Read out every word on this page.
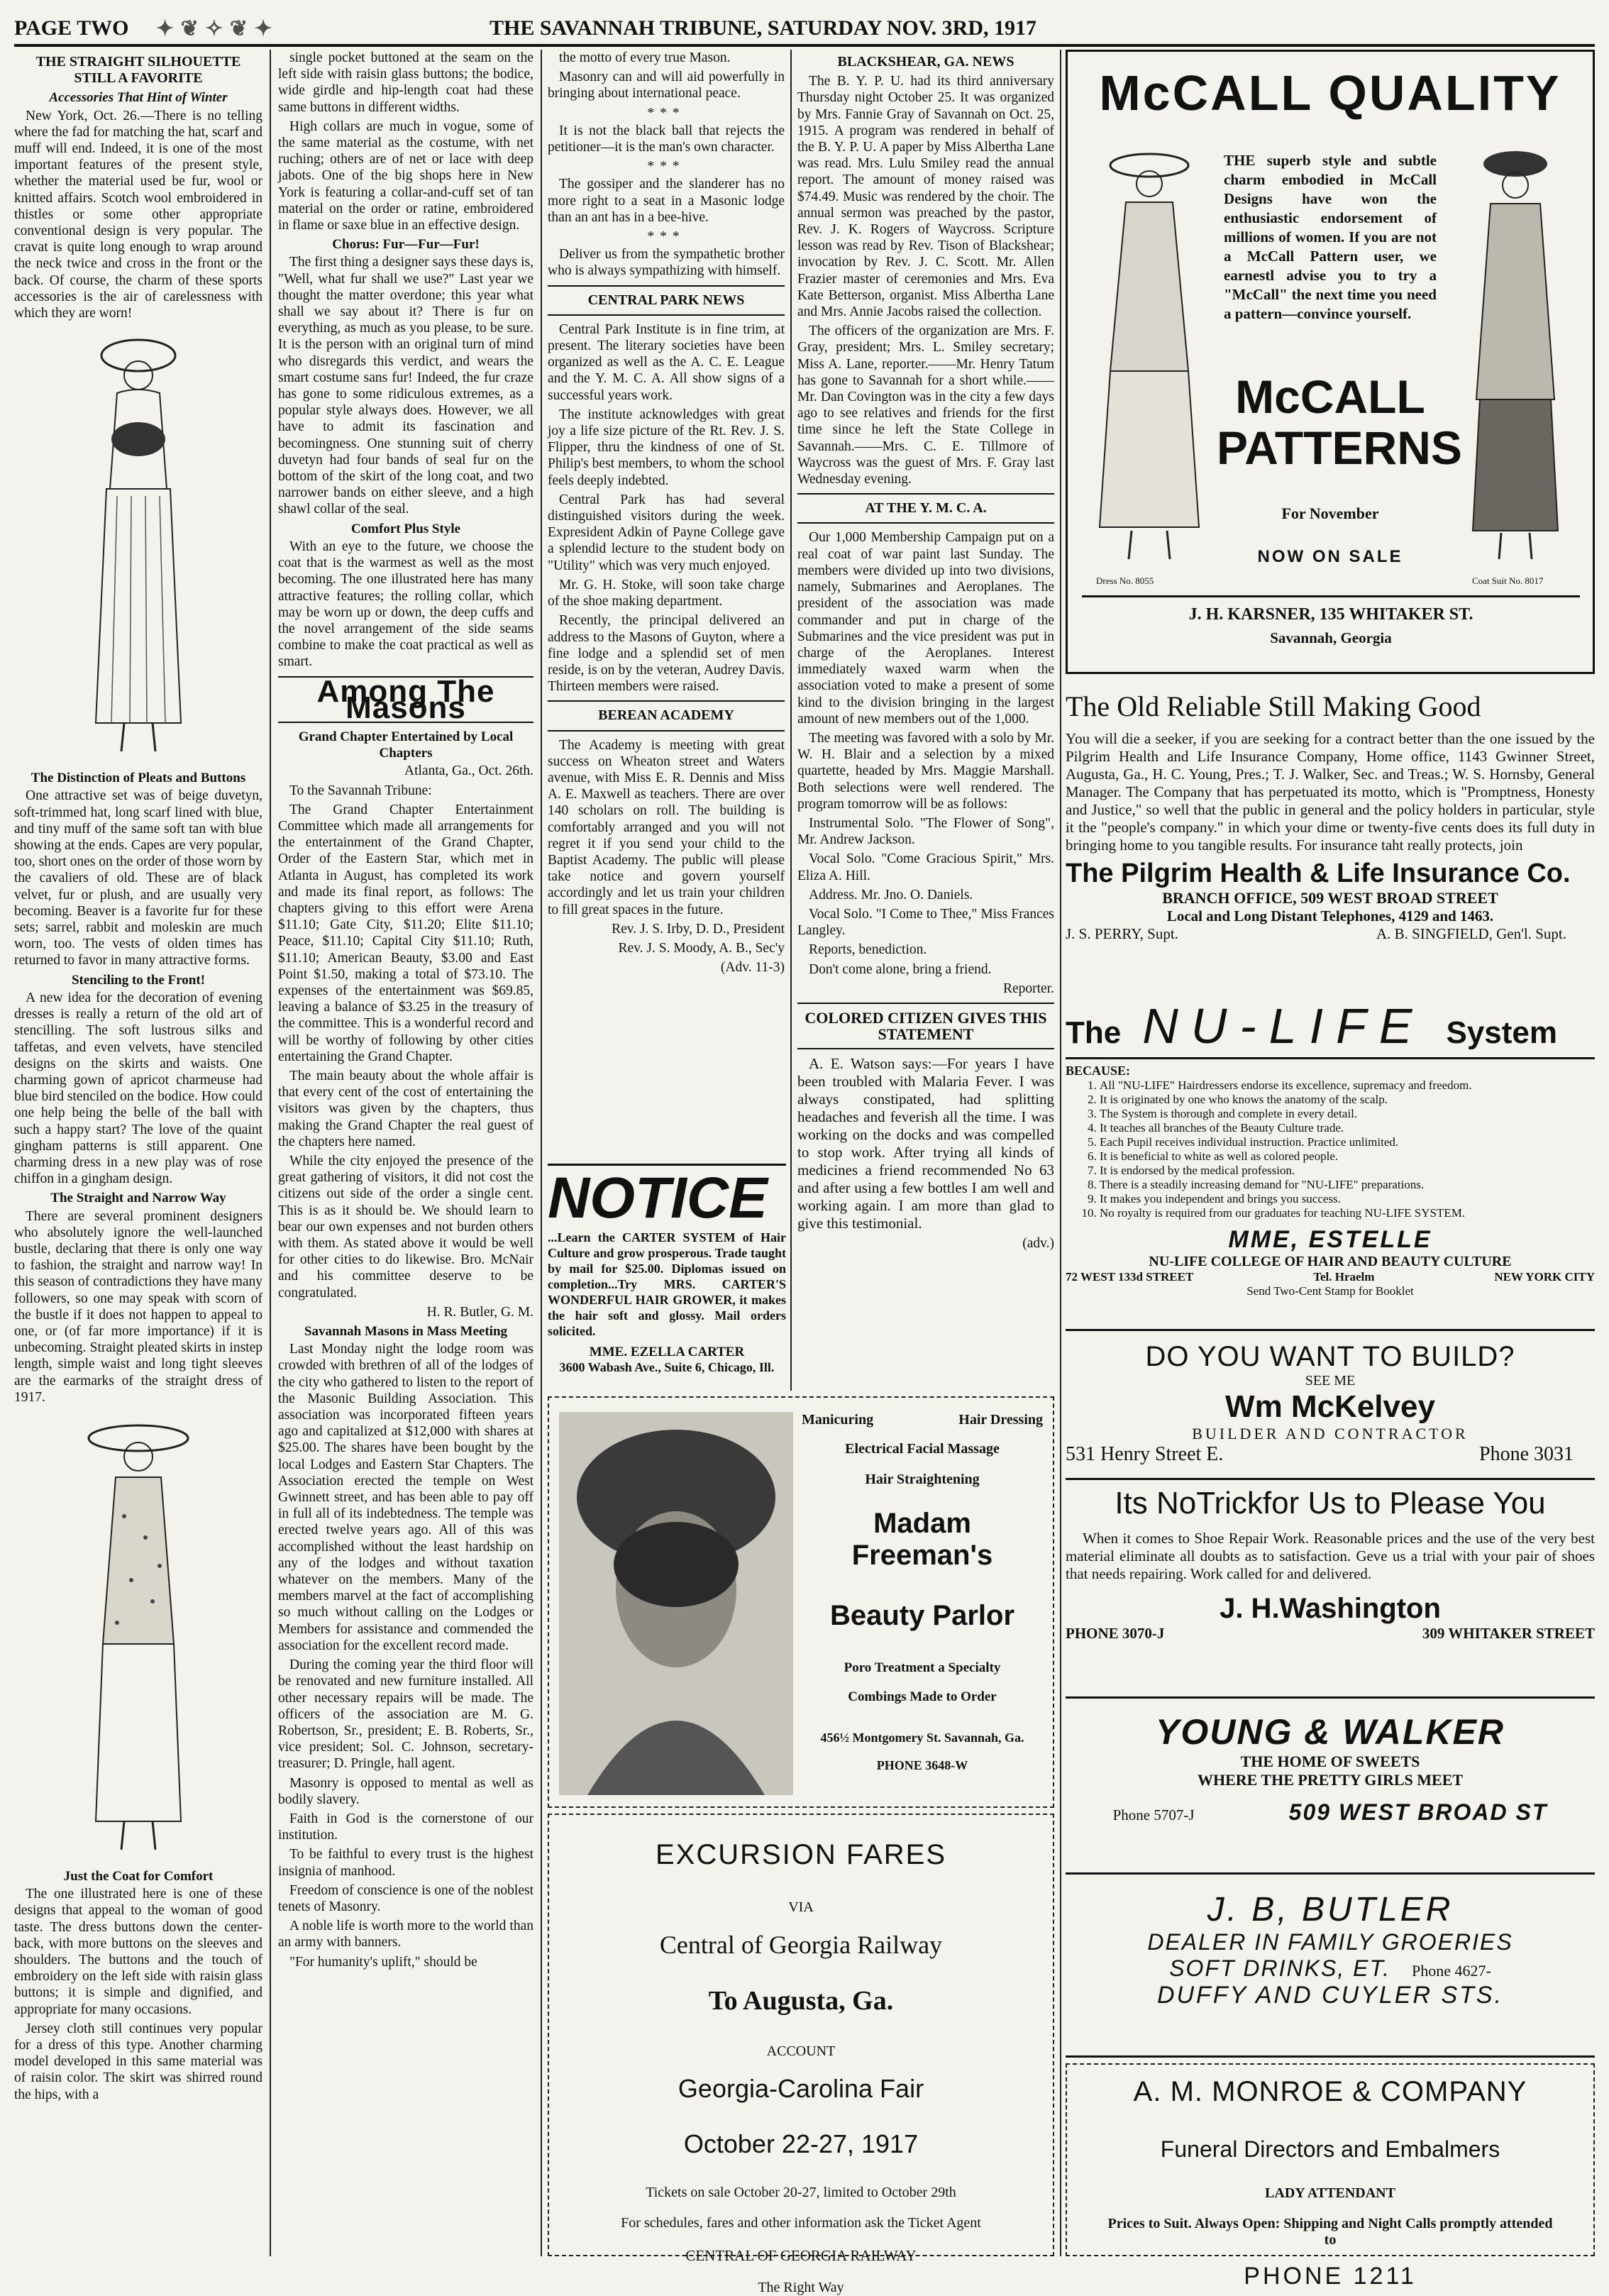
PAGE TWO	✦ ❦ ✧ ❦ ✦	THE SAVANNAH TRIBUNE, SATURDAY NOV. 3RD, 1917
THE STRAIGHT SILHOUETTE STILL A FAVORITE
Accessories That Hint of Winter

New York, Oct. 26.—There is no telling where the fad for matching the hat, scarf and muff will end. Indeed, it is one of the most important features of the present style, whether the material used be fur, wool or knitted affairs. Scotch wool embroidered in thistles or some other appropriate conventional design is very popular. The cravat is quite long enough to wrap around the neck twice and cross in the front or the back. Of course, the charm of these sports accessories is the air of carelessness with which they are worn!

The Distinction of Pleats and Buttons

One attractive set was of beige duvetyn, soft-trimmed hat, long scarf lined with blue, and tiny muff of the same soft tan with blue showing at the ends. Capes are very popular, too, short ones on the order of those worn by the cavaliers of old. These are of black velvet, fur or plush, and are usually very becoming. Beaver is a favorite fur for these sets; sarrel, rabbit and moleskin are much worn, too. The vests of olden times has returned to favor in many attractive forms.

Stenciling to the Front!

A new idea for the decoration of evening dresses is really a return of the old art of stencilling. The soft lustrous silks and taffetas, and even velvets, have stenciled designs on the skirts and waists. One charming gown of apricot charmeuse had blue bird stenciled on the bodice. How could one help being the belle of the ball with such a happy start? The love of the quaint gingham patterns is still apparent. One charming dress in a new play was of rose chiffon in a gingham design.

The Straight and Narrow Way

There are several prominent designers who absolutely ignore the well-launched bustle, declaring that there is only one way to fashion, the straight and narrow way! In this season of contradictions they have many followers, so one may speak with scorn of the bustle if it does not happen to appeal to one, or (of far more importance) if it is unbecoming. Straight pleated skirts in instep length, simple waist and long tight sleeves are the earmarks of the straight dress of 1917.

Just the Coat for Comfort

The one illustrated here is one of these designs that appeal to the woman of good taste. The dress buttons down the center-back, with more buttons on the sleeves and shoulders. The buttons and the touch of embroidery on the left side with raisin glass buttons; it is simple and dignified, and appropriate for many occasions.

Jersey cloth still continues very popular for a dress of this type. Another charming model developed in this same material was of raisin color. The skirt was shirred round the hips, with a

single pocket buttoned at the seam on the left side with raisin glass buttons; the bodice, wide girdle and hip-length coat had these same buttons in different widths.

High collars are much in vogue, some of the same material as the costume, with net ruching; others are of net or lace with deep jabots. One of the big shops here in New York is featuring a collar-and-cuff set of tan material on the order or ratine, embroidered in flame or saxe blue in an effective design.

Chorus: Fur—Fur—Fur!

The first thing a designer says these days is, "Well, what fur shall we use?" Last year we thought the matter overdone; this year what shall we say about it? There is fur on everything, as much as you please, to be sure. It is the person with an original turn of mind who disregards this verdict, and wears the smart costume sans fur! Indeed, the fur craze has gone to some ridiculous extremes, as a popular style always does. However, we all have to admit its fascination and becomingness. One stunning suit of cherry duvetyn had four bands of seal fur on the bottom of the skirt of the long coat, and two narrower bands on either sleeve, and a high shawl collar of the seal.

Comfort Plus Style

With an eye to the future, we choose the coat that is the warmest as well as the most becoming. The one illustrated here has many attractive features; the rolling collar, which may be worn up or down, the deep cuffs and the novel arrangement of the side seams combine to make the coat practical as well as smart.

Among The Masons
Grand Chapter Entertained by Local Chapters

Atlanta, Ga., Oct. 26th.

To the Savannah Tribune:

The Grand Chapter Entertainment Committee which made all arrangements for the entertainment of the Grand Chapter, Order of the Eastern Star, which met in Atlanta in August, has completed its work and made its final report, as follows: The chapters giving to this effort were Arena $11.10; Gate City, $11.20; Elite $11.10; Peace, $11.10; Capital City $11.10; Ruth, $11.10; American Beauty, $3.00 and East Point $1.50, making a total of $73.10. The expenses of the entertainment was $69.85, leaving a balance of $3.25 in the treasury of the committee. This is a wonderful record and will be worthy of following by other cities entertaining the Grand Chapter.

The main beauty about the whole affair is that every cent of the cost of entertaining the visitors was given by the chapters, thus making the Grand Chapter the real guest of the chapters here named.

While the city enjoyed the presence of the great gathering of visitors, it did not cost the citizens out side of the order a single cent. This is as it should be. We should learn to bear our own expenses and not burden others with them. As stated above it would be well for other cities to do likewise. Bro. McNair and his committee deserve to be congratulated.

H. R. Butler, G. M.

Savannah Masons in Mass Meeting

Last Monday night the lodge room was crowded with brethren of all of the lodges of the city who gathered to listen to the report of the Masonic Building Association. This association was incorporated fifteen years ago and capitalized at $12,000 with shares at $25.00. The shares have been bought by the local Lodges and Eastern Star Chapters. The Association erected the temple on West Gwinnett street, and has been able to pay off in full all of its indebtedness. The temple was erected twelve years ago. All of this was accomplished without the least hardship on any of the lodges and without taxation whatever on the members. Many of the members marvel at the fact of accomplishing so much without calling on the Lodges or Members for assistance and commended the association for the excellent record made.

During the coming year the third floor will be renovated and new furniture installed. All other necessary repairs will be made. The officers of the association are M. G. Robertson, Sr., president; E. B. Roberts, Sr., vice president; Sol. C. Johnson, secretary-treasurer; D. Pringle, hall agent.

Masonry is opposed to mental as well as bodily slavery.

Faith in God is the cornerstone of our institution.

To be faithful to every trust is the highest insignia of manhood.

Freedom of conscience is one of the noblest tenets of Masonry.

A noble life is worth more to the world than an army with banners.

"For humanity's uplift," should be

the motto of every true Mason.

Masonry can and will aid powerfully in bringing about international peace.

***

It is not the black ball that rejects the petitioner—it is the man's own character.

***

The gossiper and the slanderer has no more right to a seat in a Masonic lodge than an ant has in a bee-hive.

***

Deliver us from the sympathetic brother who is always sympathizing with himself.

CENTRAL PARK NEWS

Central Park Institute is in fine trim, at present. The literary societies have been organized as well as the A. C. E. League and the Y. M. C. A. All show signs of a successful years work.

The institute acknowledges with great joy a life size picture of the Rt. Rev. J. S. Flipper, thru the kindness of one of St. Philip's best members, to whom the school feels deeply indebted.

Central Park has had several distinguished visitors during the week. Expresident Adkin of Payne College gave a splendid lecture to the student body on "Utility" which was very much enjoyed.

Mr. G. H. Stoke, will soon take charge of the shoe making department.

Recently, the principal delivered an address to the Masons of Guyton, where a fine lodge and a splendid set of men reside, is on by the veteran, Audrey Davis. Thirteen members were raised.

BEREAN ACADEMY

The Academy is meeting with great success on Wheaton street and Waters avenue, with Miss E. R. Dennis and Miss A. E. Maxwell as teachers. There are over 140 scholars on roll. The building is comfortably arranged and you will not regret it if you send your child to the Baptist Academy. The public will please take notice and govern yourself accordingly and let us train your children to fill great spaces in the future.

Rev. J. S. Irby, D. D., President

Rev. J. S. Moody, A. B., Sec'y

(Adv. 11-3)

NOTICE

...Learn the CARTER SYSTEM of Hair Culture and grow prosperous. Trade taught by mail for $25.00. Diplomas issued on completion...Try MRS. CARTER'S WONDERFUL HAIR GROWER, it makes the hair soft and glossy. Mail orders solicited.

MME. EZELLA CARTER

3600 Wabash Ave., Suite 6, Chicago, Ill.

BLACKSHEAR, GA. NEWS

The B. Y. P. U. had its third anniversary Thursday night October 25. It was organized by Mrs. Fannie Gray of Savannah on Oct. 25, 1915. A program was rendered in behalf of the B. Y. P. U. A paper by Miss Albertha Lane was read. Mrs. Lulu Smiley read the annual report. The amount of money raised was $74.49. Music was rendered by the choir. The annual sermon was preached by the pastor, Rev. J. K. Rogers of Waycross. Scripture lesson was read by Rev. Tison of Blackshear; invocation by Rev. J. C. Scott. Mr. Allen Frazier master of ceremonies and Mrs. Eva Kate Betterson, organist. Miss Albertha Lane and Mrs. Annie Jacobs raised the collection.

The officers of the organization are Mrs. F. Gray, president; Mrs. L. Smiley secretary; Miss A. Lane, reporter.——Mr. Henry Tatum has gone to Savannah for a short while.——Mr. Dan Covington was in the city a few days ago to see relatives and friends for the first time since he left the State College in Savannah.——Mrs. C. E. Tillmore of Waycross was the guest of Mrs. F. Gray last Wednesday evening.

AT THE Y. M. C. A.

Our 1,000 Membership Campaign put on a real coat of war paint last Sunday. The members were divided up into two divisions, namely, Submarines and Aeroplanes. The president of the association was made commander and put in charge of the Submarines and the vice president was put in charge of the Aeroplanes. Interest immediately waxed warm when the association voted to make a present of some kind to the division bringing in the largest amount of new members out of the 1,000.

The meeting was favored with a solo by Mr. W. H. Blair and a selection by a mixed quartette, headed by Mrs. Maggie Marshall. Both selections were well rendered. The program tomorrow will be as follows:

Instrumental Solo. "The Flower of Song", Mr. Andrew Jackson.

Vocal Solo. "Come Gracious Spirit," Mrs. Eliza A. Hill.

Address. Mr. Jno. O. Daniels.

Vocal Solo. "I Come to Thee," Miss Frances Langley.

Reports, benediction.

Don't come alone, bring a friend.

Reporter.

COLORED CITIZEN GIVES THIS STATEMENT

A. E. Watson says:—For years I have been troubled with Malaria Fever. I was always constipated, had splitting headaches and feverish all the time. I was working on the docks and was compelled to stop work. After trying all kinds of medicines a friend recommended No 63 and after using a few bottles I am well and working again. I am more than glad to give this testimonial.

(adv.)

Manicuring	Hair Dressing

Electrical Facial Massage

Hair Straightening

Madam Freeman's

Beauty Parlor

Poro Treatment a Specialty

Combings Made to Order

456½ Montgomery St. Savannah, Ga.

PHONE 3648-W

EXCURSION FARES

VIA

Central of Georgia Railway

To Augusta, Ga.

ACCOUNT

Georgia-Carolina Fair

October 22-27, 1917

Tickets on sale October 20-27, limited to October 29th

For schedules, fares and other information ask the Ticket Agent

CENTRAL OF GEORGIA RAILWAY

The Right Way

McCALL QUALITY
THE superb style and subtle charm embodied in McCall Designs have won the enthusiastic endorsement of millions of women. If you are not a McCall Pattern user, we earnestl advise you to try a "McCall" the next time you need a pattern—convince yourself.
McCALL
PATTERNS
For November
NOW ON SALE
Dress No. 8055	Coat Suit No. 8017
J. H. KARSNER, 135 WHITAKER ST.
Savannah, Georgia

The Old Reliable Still Making Good

You will die a seeker, if you are seeking for a contract better than the one issued by the Pilgrim Health and Life Insurance Company, Home office, 1143 Gwinner Street, Augusta, Ga., H. C. Young, Pres.; T. J. Walker, Sec. and Treas.; W. S. Hornsby, General Manager. The Company that has perpetuated its motto, which is "Promptness, Honesty and Justice," so well that the public in general and the policy holders in particular, style it the "people's company." in which your dime or twenty-five cents does its full duty in bringing home to you tangible results. For insurance taht really protects, join

The Pilgrim Health & Life Insurance Co.

BRANCH OFFICE, 509 WEST BROAD STREET

Local and Long Distant Telephones, 4129 and 1463.

J. S. PERRY, Supt.	A. B. SINGFIELD, Gen'l. Supt.
The NU-LIFE System

BECAUSE:

1. All "NU-LIFE" Hairdressers endorse its excellence, supremacy and freedom.
2. It is originated by one who knows the anatomy of the scalp.
3. The System is thorough and complete in every detail.
4. It teaches all branches of the Beauty Culture trade.
5. Each Pupil receives individual instruction. Practice unlimited.
6. It is beneficial to white as well as colored people.
7. It is endorsed by the medical profession.
8. There is a steadily increasing demand for "NU-LIFE" preparations.
9. It makes you independent and brings you success.
10. No royalty is required from our graduates for teaching NU-LIFE SYSTEM.

MME, ESTELLE

NU-LIFE COLLEGE OF HAIR AND BEAUTY CULTURE

72 WEST 133d STREET	Tel. Hraelm	NEW YORK CITY

Send Two-Cent Stamp for Booklet

DO YOU WANT TO BUILD?

SEE ME

Wm McKelvey

BUILDER AND CONTRACTOR

531 Henry Street E.	Phone 3031

Its NoTrickfor Us to Please You

When it comes to Shoe Repair Work. Reasonable prices and the use of the very best material eliminate all doubts as to satisfaction. Geve us a trial with your pair of shoes that needs repairing. Work called for and delivered.

J. H.Washington

PHONE 3070-J	309 WHITAKER STREET

YOUNG & WALKER

THE HOME OF SWEETS

WHERE THE PRETTY GIRLS MEET

Phone 5707-J	509 WEST BROAD ST

J. B, BUTLER

DEALER IN FAMILY GROERIES

SOFT DRINKS, ET. Phone 4627-

DUFFY AND CUYLER STS.

A. M. MONROE & COMPANY

Funeral Directors and Embalmers

LADY ATTENDANT

Prices to Suit. Always Open: Shipping and Night Calls promptly attended to

PHONE 1211
